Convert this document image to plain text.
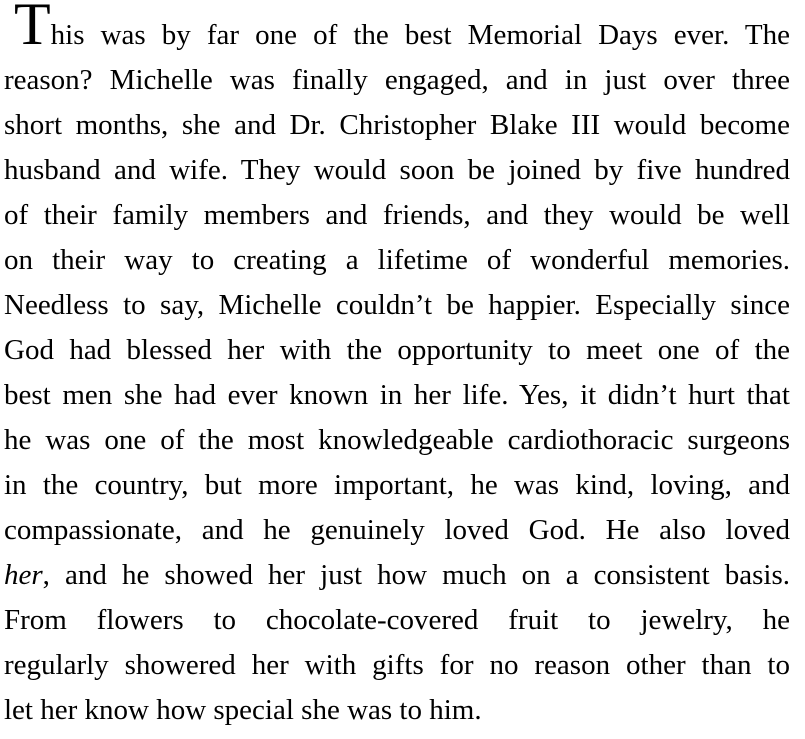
This was by far one of the best Memorial Days ever. The
reason? Michelle was finally engaged, and in just over three
short months, she and Dr. Christopher Blake III would become
husband and wife. They would soon be joined by five hundred
of their family members and friends, and they would be well
on their way to creating a lifetime of wonderful memories.
Needless to say, Michelle couldn’t be happier. Especially since
God had blessed her with the opportunity to meet one of the
best men she had ever known in her life. Yes, it didn’t hurt that
he was one of the most knowledgeable cardiothoracic surgeons
in the country, but more important, he was kind, loving, and
compassionate, and he genuinely loved God. He also loved
her, and he showed her just how much on a consistent basis.
From flowers to chocolate-covered fruit to jewelry, he
regularly showered her with gifts for no reason other than to
let her know how special she was to him.
